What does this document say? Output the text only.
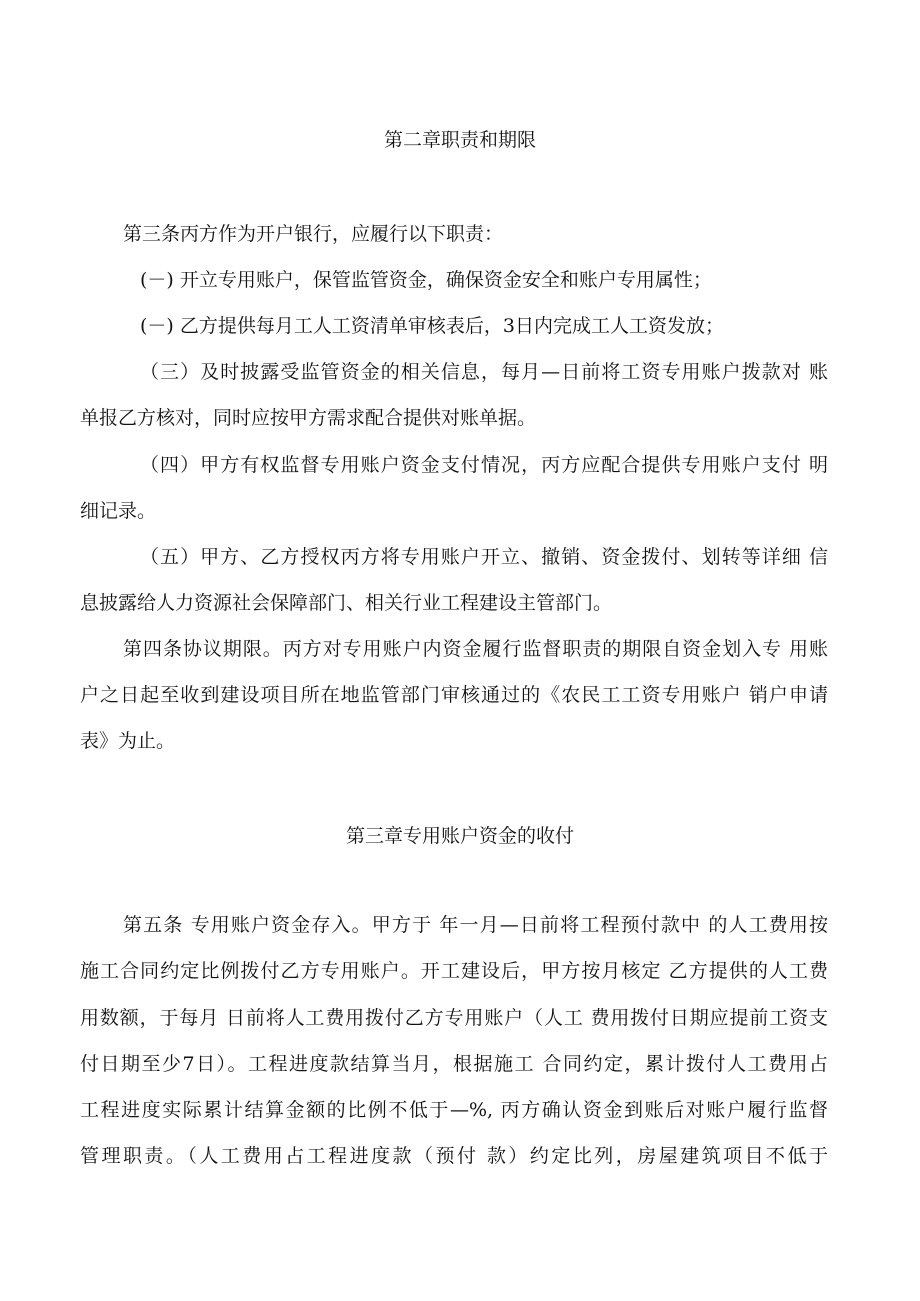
第二章职责和期限
第三条丙方作为开户银行，应履行以下职责：
(－) 开立专用账户，保管监管资金，确保资金安全和账户专用属性；
(－) 乙方提供每月工人工资清单审核表后，3日内完成工人工资发放；
（三）及时披露受监管资金的相关信息，每月—日前将工资专用账户拨款对 账
单报乙方核对，同时应按甲方需求配合提供对账单据。
（四）甲方有权监督专用账户资金支付情况，丙方应配合提供专用账户支付 明
细记录。
（五）甲方、乙方授权丙方将专用账户开立、撤销、资金拨付、划转等详细 信
息披露给人力资源社会保障部门、相关行业工程建设主管部门。
第四条协议期限。丙方对专用账户内资金履行监督职责的期限自资金划入专 用账
户之日起至收到建设项目所在地监管部门审核通过的《农民工工资专用账户 销户申请
表》为止。
第三章专用账户资金的收付
第五条 专用账户资金存入。甲方于 年一月—日前将工程预付款中 的人工费用按
施工合同约定比例拨付乙方专用账户。开工建设后，甲方按月核定 乙方提供的人工费
用数额，于每月 日前将人工费用拨付乙方专用账户（人工 费用拨付日期应提前工资支
付日期至少7日）。工程进度款结算当月，根据施工 合同约定，累计拨付人工费用占
工程进度实际累计结算金额的比例不低于—%, 丙方确认资金到账后对账户履行监督
管理职责。（人工费用占工程进度款（预付 款）约定比列，房屋建筑项目不低于
